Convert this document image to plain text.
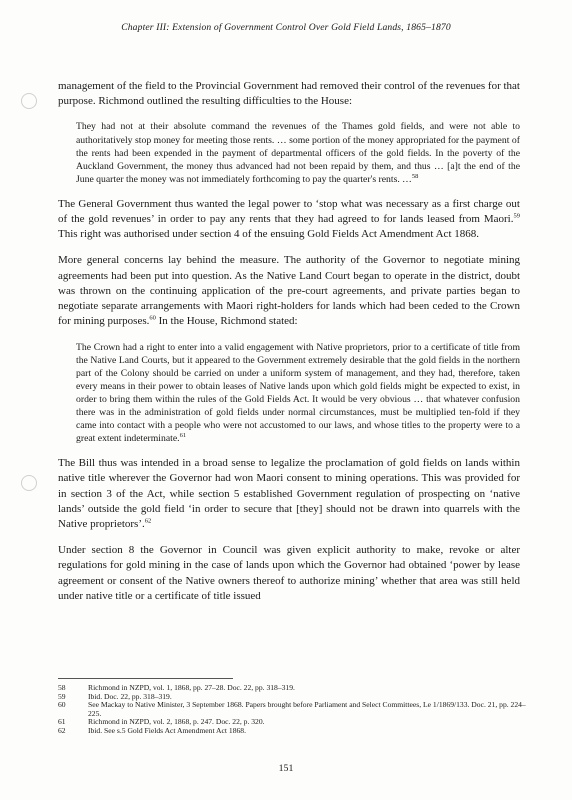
Chapter III: Extension of Government Control Over Gold Field Lands, 1865–1870

management of the field to the Provincial Government had removed their control of the revenues for that purpose. Richmond outlined the resulting difficulties to the House:

They had not at their absolute command the revenues of the Thames gold fields, and were not able to authoritatively stop money for meeting those rents. … some portion of the money appropriated for the payment of the rents had been expended in the payment of departmental officers of the gold fields. In the poverty of the Auckland Government, the money thus advanced had not been repaid by them, and thus … [a]t the end of the June quarter the money was not immediately forthcoming to pay the quarter's rents. …$^{58}$

The General Government thus wanted the legal power to ‘stop what was necessary as a first charge out of the gold revenues’ in order to pay any rents that they had agreed to for lands leased from Maori.$^{59}$ This right was authorised under section 4 of the ensuing Gold Fields Act Amendment Act 1868.

More general concerns lay behind the measure. The authority of the Governor to negotiate mining agreements had been put into question. As the Native Land Court began to operate in the district, doubt was thrown on the continuing application of the pre-court agreements, and private parties began to negotiate separate arrangements with Maori right-holders for lands which had been ceded to the Crown for mining purposes.$^{60}$ In the House, Richmond stated:

The Crown had a right to enter into a valid engagement with Native proprietors, prior to a certificate of title from the Native Land Courts, but it appeared to the Government extremely desirable that the gold fields in the northern part of the Colony should be carried on under a uniform system of management, and they had, therefore, taken every means in their power to obtain leases of Native lands upon which gold fields might be expected to exist, in order to bring them within the rules of the Gold Fields Act. It would be very obvious … that whatever confusion there was in the administration of gold fields under normal circumstances, must be multiplied ten-fold if they came into contact with a people who were not accustomed to our laws, and whose titles to the property were to a great extent indeterminate.$^{61}$

The Bill thus was intended in a broad sense to legalize the proclamation of gold fields on lands within native title wherever the Governor had won Maori consent to mining operations. This was provided for in section 3 of the Act, while section 5 established Government regulation of prospecting on ‘native lands’ outside the gold field ‘in order to secure that [they] should not be drawn into quarrels with the Native proprietors’.$^{62}$

Under section 8 the Governor in Council was given explicit authority to make, revoke or alter regulations for gold mining in the case of lands upon which the Governor had obtained ‘power by lease agreement or consent of the Native owners thereof to authorize mining’ whether that area was still held under native title or a certificate of title issued

58	Richmond in NZPD, vol. 1, 1868, pp. 27–28. Doc. 22, pp. 318–319.
59	Ibid. Doc. 22, pp. 318–319.
60	See Mackay to Native Minister, 3 September 1868. Papers brought before Parliament and Select Committees, Le 1/1869/133. Doc. 21, pp. 224–225.
61	Richmond in NZPD, vol. 2, 1868, p. 247. Doc. 22, p. 320.
62	Ibid. See s.5 Gold Fields Act Amendment Act 1868.
151
